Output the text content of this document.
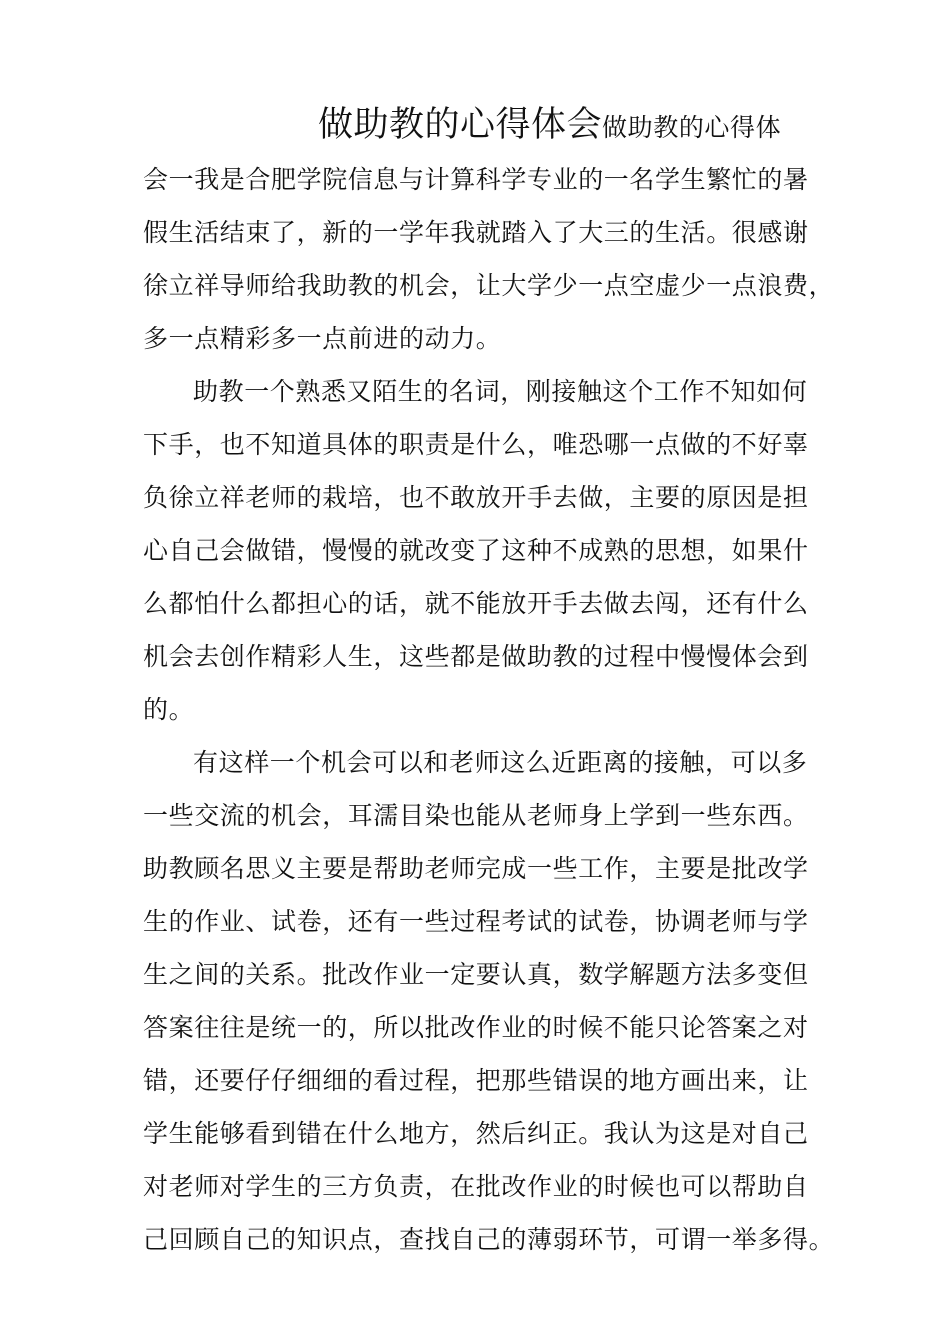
做助教的心得体会做助教的心得体
会一我是合肥学院信息与计算科学专业的一名学生繁忙的暑
假生活结束了，新的一学年我就踏入了大三的生活。很感谢
徐立祥导师给我助教的机会，让大学少一点空虚少一点浪费，
多一点精彩多一点前进的动力。
助教一个熟悉又陌生的名词，刚接触这个工作不知如何
下手，也不知道具体的职责是什么，唯恐哪一点做的不好辜
负徐立祥老师的栽培，也不敢放开手去做，主要的原因是担
心自己会做错，慢慢的就改变了这种不成熟的思想，如果什
么都怕什么都担心的话，就不能放开手去做去闯，还有什么
机会去创作精彩人生，这些都是做助教的过程中慢慢体会到
的。
有这样一个机会可以和老师这么近距离的接触，可以多
一些交流的机会，耳濡目染也能从老师身上学到一些东西。
助教顾名思义主要是帮助老师完成一些工作，主要是批改学
生的作业、试卷，还有一些过程考试的试卷，协调老师与学
生之间的关系。批改作业一定要认真，数学解题方法多变但
答案往往是统一的，所以批改作业的时候不能只论答案之对
错，还要仔仔细细的看过程，把那些错误的地方画出来，让
学生能够看到错在什么地方，然后纠正。我认为这是对自己
对老师对学生的三方负责，在批改作业的时候也可以帮助自
己回顾自己的知识点，查找自己的薄弱环节，可谓一举多得。
